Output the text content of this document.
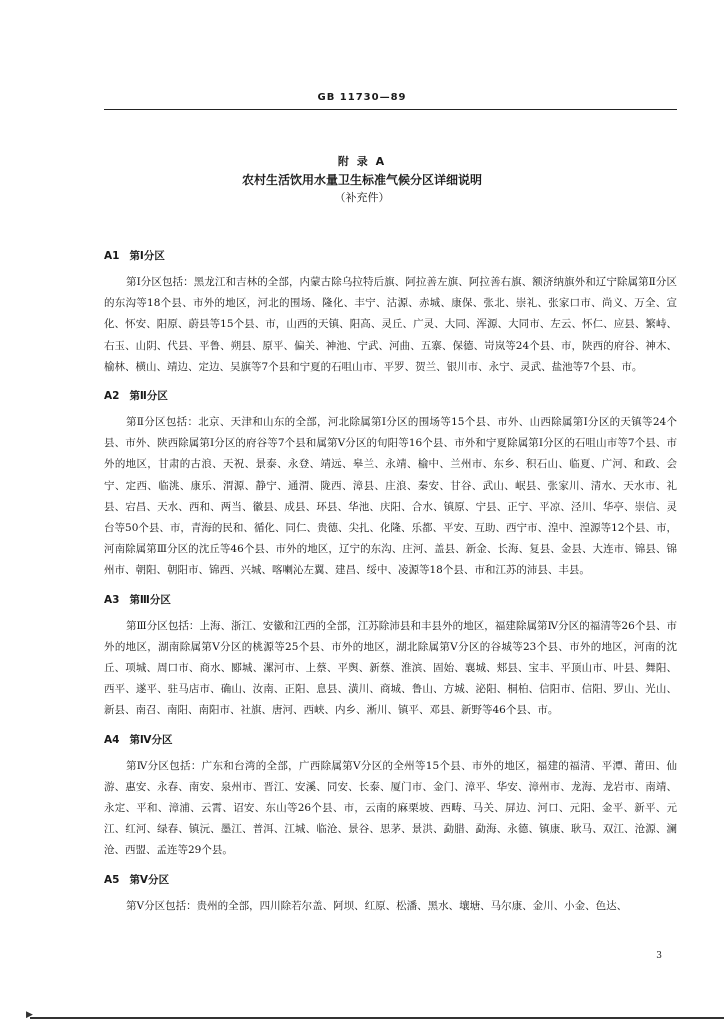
GB 11730—89
附 录 A
农村生活饮用水量卫生标准气候分区详细说明
（补充件）
A1 第Ⅰ分区

第Ⅰ分区包括：黑龙江和吉林的全部，内蒙古除乌拉特后旗、阿拉善左旗、阿拉善右旗、额济纳旗外和辽宁除属第Ⅱ分区的东沟等18个县、市外的地区，河北的围场、隆化、丰宁、沽源、赤城、康保、张北、崇礼、张家口市、尚义、万全、宣化、怀安、阳原、蔚县等15个县、市，山西的天镇、阳高、灵丘、广灵、大同、浑源、大同市、左云、怀仁、应县、繁峙、右玉、山阴、代县、平鲁、朔县、原平、偏关、神池、宁武、河曲、五寨、保德、岢岚等24个县、市，陕西的府谷、神木、榆林、横山、靖边、定边、吴旗等7个县和宁夏的石咀山市、平罗、贺兰、银川市、永宁、灵武、盐池等7个县、市。

A2 第Ⅱ分区

第Ⅱ分区包括：北京、天津和山东的全部，河北除属第Ⅰ分区的围场等15个县、市外、山西除属第Ⅰ分区的天镇等24个县、市外、陕西除属第Ⅰ分区的府谷等7个县和属第Ⅴ分区的旬阳等16个县、市外和宁夏除属第Ⅰ分区的石咀山市等7个县、市外的地区，甘肃的古浪、天祝、景泰、永登、靖远、皋兰、永靖、榆中、兰州市、东乡、积石山、临夏、广河、和政、会宁、定西、临洮、康乐、渭源、静宁、通渭、陇西、漳县、庄浪、秦安、甘谷、武山、岷县、张家川、清水、天水市、礼县、宕昌、天水、西和、两当、徽县、成县、环县、华池、庆阳、合水、镇原、宁县、正宁、平凉、泾川、华亭、崇信、灵台等50个县、市，青海的民和、循化、同仁、贵德、尖扎、化隆、乐都、平安、互助、西宁市、湟中、湟源等12个县、市，河南除属第Ⅲ分区的沈丘等46个县、市外的地区，辽宁的东沟、庄河、盖县、新金、长海、复县、金县、大连市、锦县、锦州市、朝阳、朝阳市、锦西、兴城、喀喇沁左翼、建昌、绥中、凌源等18个县、市和江苏的沛县、丰县。

A3 第Ⅲ分区

第Ⅲ分区包括：上海、浙江、安徽和江西的全部，江苏除沛县和丰县外的地区，福建除属第Ⅳ分区的福清等26个县、市外的地区，湖南除属第Ⅴ分区的桃源等25个县、市外的地区，湖北除属第Ⅴ分区的谷城等23个县、市外的地区，河南的沈丘、项城、周口市、商水、郾城、漯河市、上蔡、平舆、新蔡、淮滨、固始、襄城、郏县、宝丰、平顶山市、叶县、舞阳、西平、遂平、驻马店市、确山、汝南、正阳、息县、潢川、商城、鲁山、方城、泌阳、桐柏、信阳市、信阳、罗山、光山、新县、南召、南阳、南阳市、社旗、唐河、西峡、内乡、淅川、镇平、邓县、新野等46个县、市。

A4 第Ⅳ分区

第Ⅳ分区包括：广东和台湾的全部，广西除属第Ⅴ分区的全州等15个县、市外的地区，福建的福清、平潭、莆田、仙游、惠安、永春、南安、泉州市、晋江、安溪、同安、长泰、厦门市、金门、漳平、华安、漳州市、龙海、龙岩市、南靖、永定、平和、漳浦、云霄、诏安、东山等26个县、市，云南的麻栗坡、西畴、马关、屏边、河口、元阳、金平、新平、元江、红河、绿春、镇沅、墨江、普洱、江城、临沧、景谷、思茅、景洪、勐腊、勐海、永德、镇康、耿马、双江、沧源、澜沧、西盟、孟连等29个县。

A5 第Ⅴ分区

第Ⅴ分区包括：贵州的全部，四川除若尔盖、阿坝、红原、松潘、黑水、壤塘、马尔康、金川、小金、色达、

3
▶
